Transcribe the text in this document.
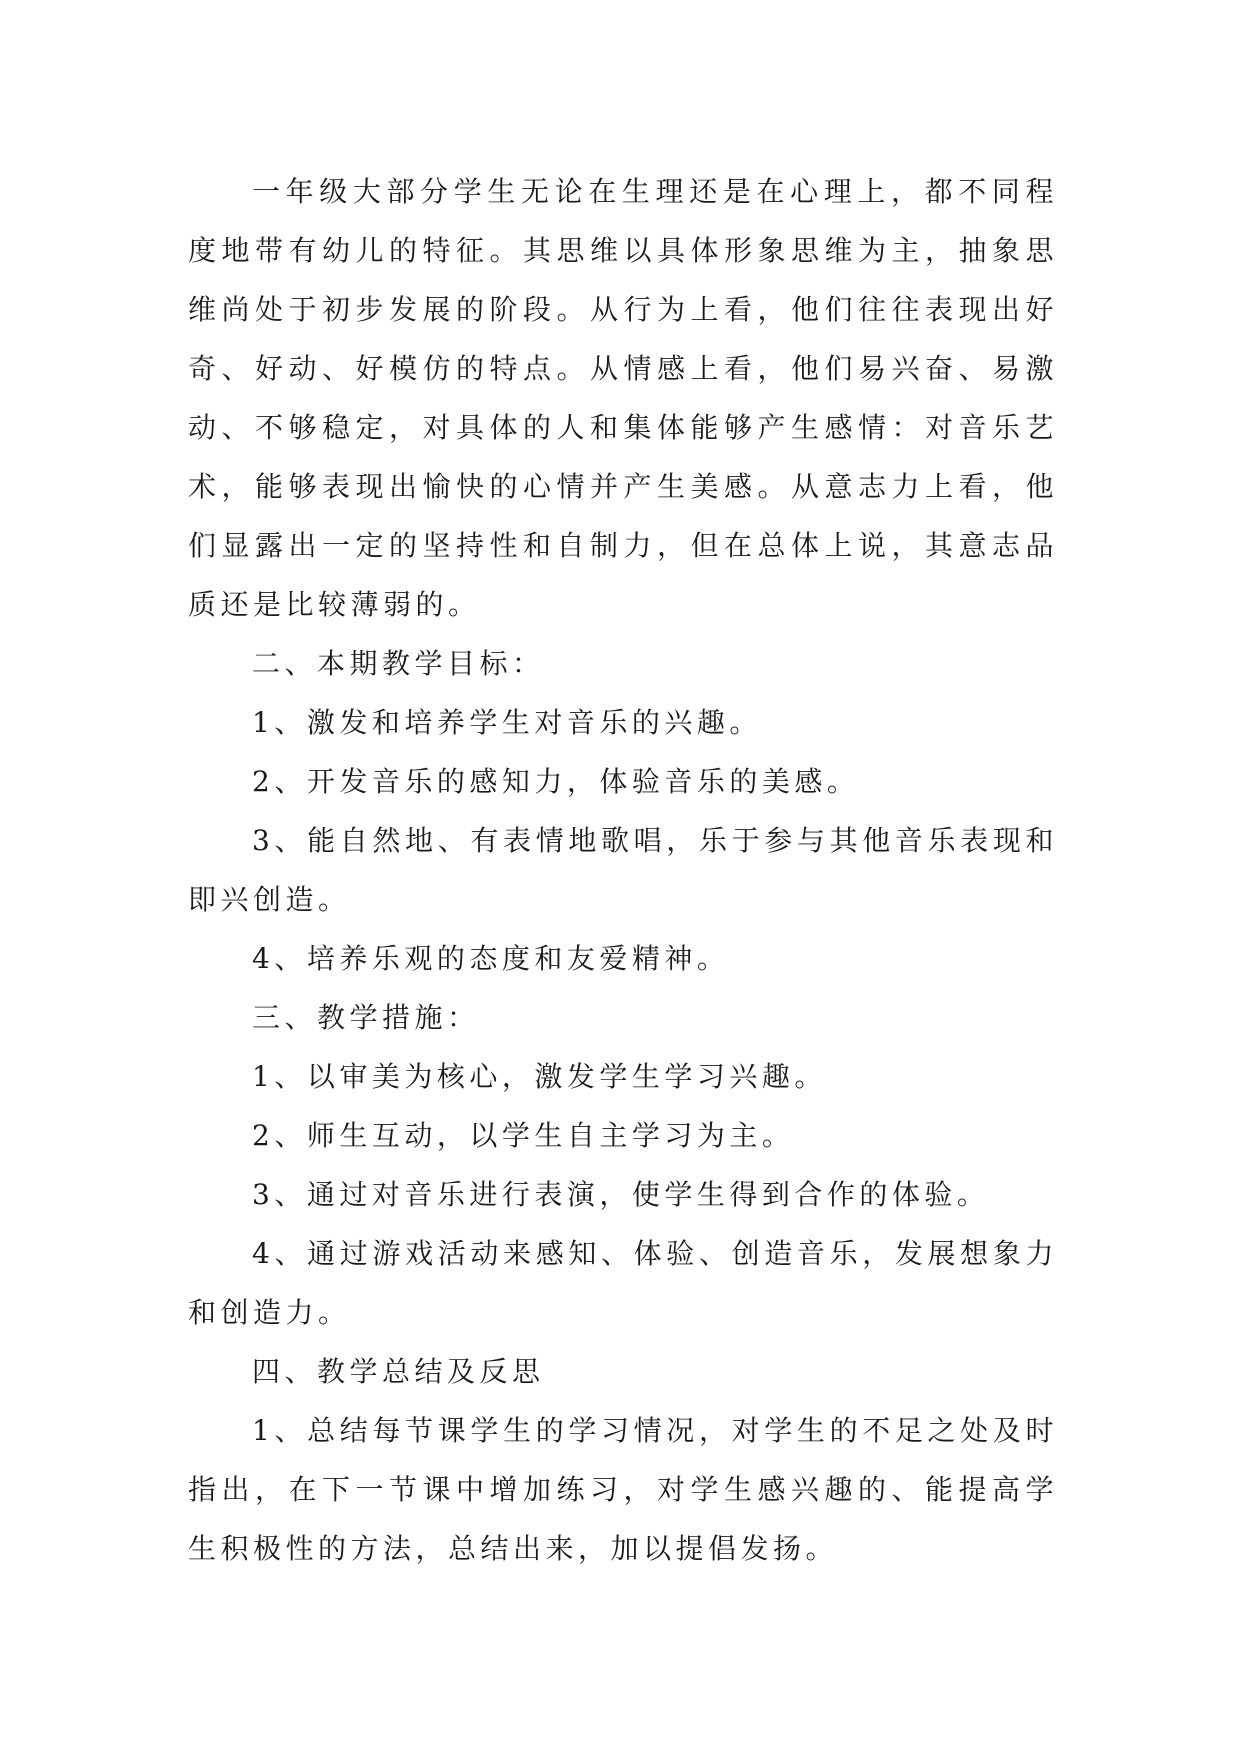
一年级大部分学生无论在生理还是在心理上，都不同程度地带有幼儿的特征。其思维以具体形象思维为主，抽象思维尚处于初步发展的阶段。从行为上看，他们往往表现出好奇、好动、好模仿的特点。从情感上看，他们易兴奋、易激动、不够稳定，对具体的人和集体能够产生感情：对音乐艺术，能够表现出愉快的心情并产生美感。从意志力上看，他们显露出一定的坚持性和自制力，但在总体上说，其意志品质还是比较薄弱的。

二、本期教学目标：

1、激发和培养学生对音乐的兴趣。

2、开发音乐的感知力，体验音乐的美感。

3、能自然地、有表情地歌唱，乐于参与其他音乐表现和即兴创造。

4、培养乐观的态度和友爱精神。

三、教学措施：

1、以审美为核心，激发学生学习兴趣。

2、师生互动，以学生自主学习为主。

3、通过对音乐进行表演，使学生得到合作的体验。

4、通过游戏活动来感知、体验、创造音乐，发展想象力和创造力。

四、教学总结及反思

1、总结每节课学生的学习情况，对学生的不足之处及时指出，在下一节课中增加练习，对学生感兴趣的、能提高学生积极性的方法，总结出来，加以提倡发扬。
